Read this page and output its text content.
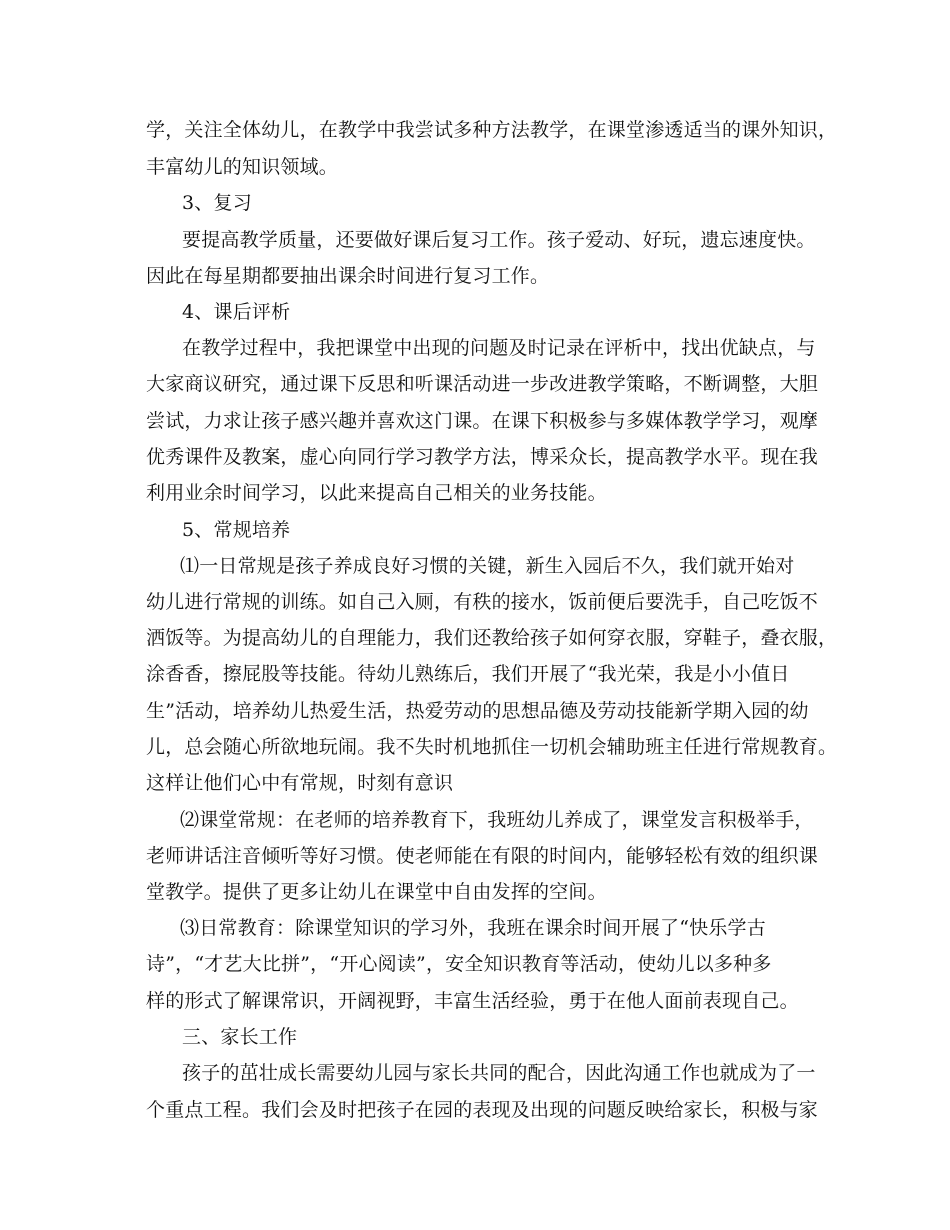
学，关注全体幼儿，在教学中我尝试多种方法教学，在课堂渗透适当的课外知识，
丰富幼儿的知识领域。
3、复习
要提高教学质量，还要做好课后复习工作。孩子爱动、好玩，遗忘速度快。
因此在每星期都要抽出课余时间进行复习工作。
4、课后评析
在教学过程中，我把课堂中出现的问题及时记录在评析中，找出优缺点，与
大家商议研究，通过课下反思和听课活动进一步改进教学策略，不断调整，大胆
尝试，力求让孩子感兴趣并喜欢这门课。在课下积极参与多媒体教学学习，观摩
优秀课件及教案，虚心向同行学习教学方法，博采众长，提高教学水平。现在我
利用业余时间学习，以此来提高自己相关的业务技能。
5、常规培养
⑴一日常规是孩子养成良好习惯的关键，新生入园后不久，我们就开始对
幼儿进行常规的训练。如自己入厕，有秩的接水，饭前便后要洗手，自己吃饭不
洒饭等。为提高幼儿的自理能力，我们还教给孩子如何穿衣服，穿鞋子，叠衣服，
涂香香，擦屁股等技能。待幼儿熟练后，我们开展了“我光荣，我是小小值日
生”活动，培养幼儿热爱生活，热爱劳动的思想品德及劳动技能新学期入园的幼
儿，总会随心所欲地玩闹。我不失时机地抓住一切机会辅助班主任进行常规教育。
这样让他们心中有常规，时刻有意识
⑵课堂常规：在老师的培养教育下，我班幼儿养成了，课堂发言积极举手，
老师讲话注音倾听等好习惯。使老师能在有限的时间内，能够轻松有效的组织课
堂教学。提供了更多让幼儿在课堂中自由发挥的空间。
⑶日常教育：除课堂知识的学习外，我班在课余时间开展了“快乐学古
诗”，“才艺大比拼”，“开心阅读”，安全知识教育等活动，使幼儿以多种多
样的形式了解课常识，开阔视野，丰富生活经验，勇于在他人面前表现自己。
三、家长工作
孩子的茁壮成长需要幼儿园与家长共同的配合，因此沟通工作也就成为了一
个重点工程。我们会及时把孩子在园的表现及出现的问题反映给家长，积极与家
